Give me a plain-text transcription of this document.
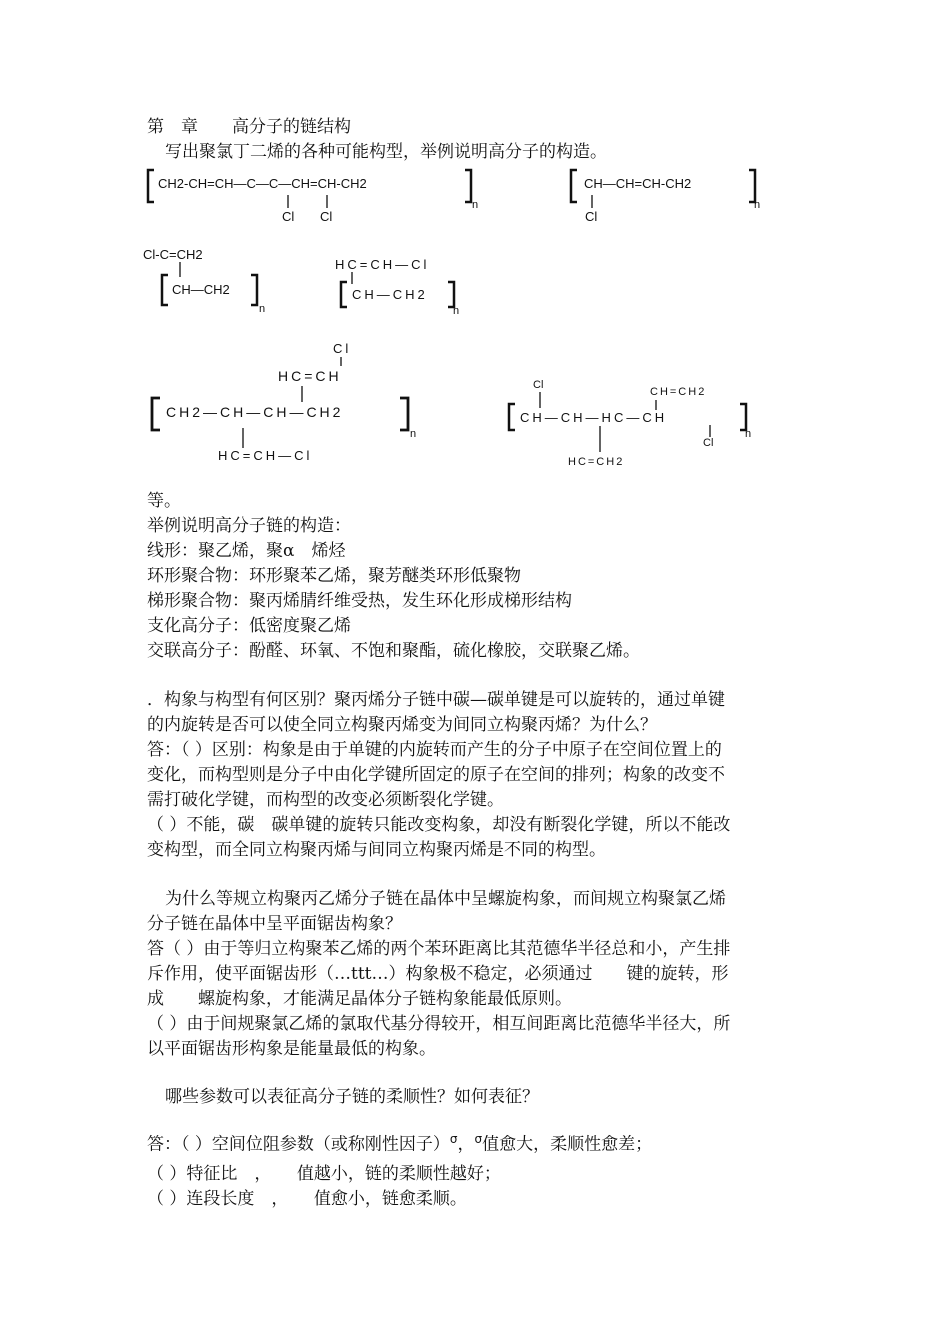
第　章　　高分子的链结构
写出聚氯丁二烯的各种可能构型，举例说明高分子的构造。
CH2-CH=CH—C—C—CH=CH-CH2
Cl Cl
n
CH—CH=CH-CH2
Cl
n
Cl-C=CH2
CH—CH2
n
HC=CH—Cl
CH—CH2
n
Cl
HC=CH
CH2—CH—CH—CH2
n
HC=CH—Cl
Cl
CH=CH2
CH—CH—HC—CH
Cl
n
HC=CH2
等。
举例说明高分子链的构造：
线形：聚乙烯，聚α　烯烃
环形聚合物：环形聚苯乙烯，聚芳醚类环形低聚物
梯形聚合物：聚丙烯腈纤维受热，发生环化形成梯形结构
支化高分子：低密度聚乙烯
交联高分子：酚醛、环氧、不饱和聚酯，硫化橡胶，交联聚乙烯。
．构象与构型有何区别？聚丙烯分子链中碳—碳单键是可以旋转的，通过单键
的内旋转是否可以使全同立构聚丙烯变为间同立构聚丙烯？为什么？
答：（ ）区别：构象是由于单键的内旋转而产生的分子中原子在空间位置上的
变化，而构型则是分子中由化学键所固定的原子在空间的排列；构象的改变不
需打破化学键，而构型的改变必须断裂化学键。
（ ）不能，碳　碳单键的旋转只能改变构象，却没有断裂化学键，所以不能改
变构型，而全同立构聚丙烯与间同立构聚丙烯是不同的构型。
为什么等规立构聚丙乙烯分子链在晶体中呈螺旋构象，而间规立构聚氯乙烯
分子链在晶体中呈平面锯齿构象？
答（ ）由于等归立构聚苯乙烯的两个苯环距离比其范德华半径总和小，产生排
斥作用，使平面锯齿形（…ttt…）构象极不稳定，必须通过　　键的旋转，形
成　　螺旋构象，才能满足晶体分子链构象能最低原则。
（ ）由于间规聚氯乙烯的氯取代基分得较开，相互间距离比范德华半径大，所
以平面锯齿形构象是能量最低的构象。
哪些参数可以表征高分子链的柔顺性？如何表征？
答：（ ）空间位阻参数（或称刚性因子）$^\sigma$，$^\sigma$值愈大，柔顺性愈差；
（ ）特征比　，　　值越小，链的柔顺性越好；
（ ）连段长度　，　　值愈小，链愈柔顺。
